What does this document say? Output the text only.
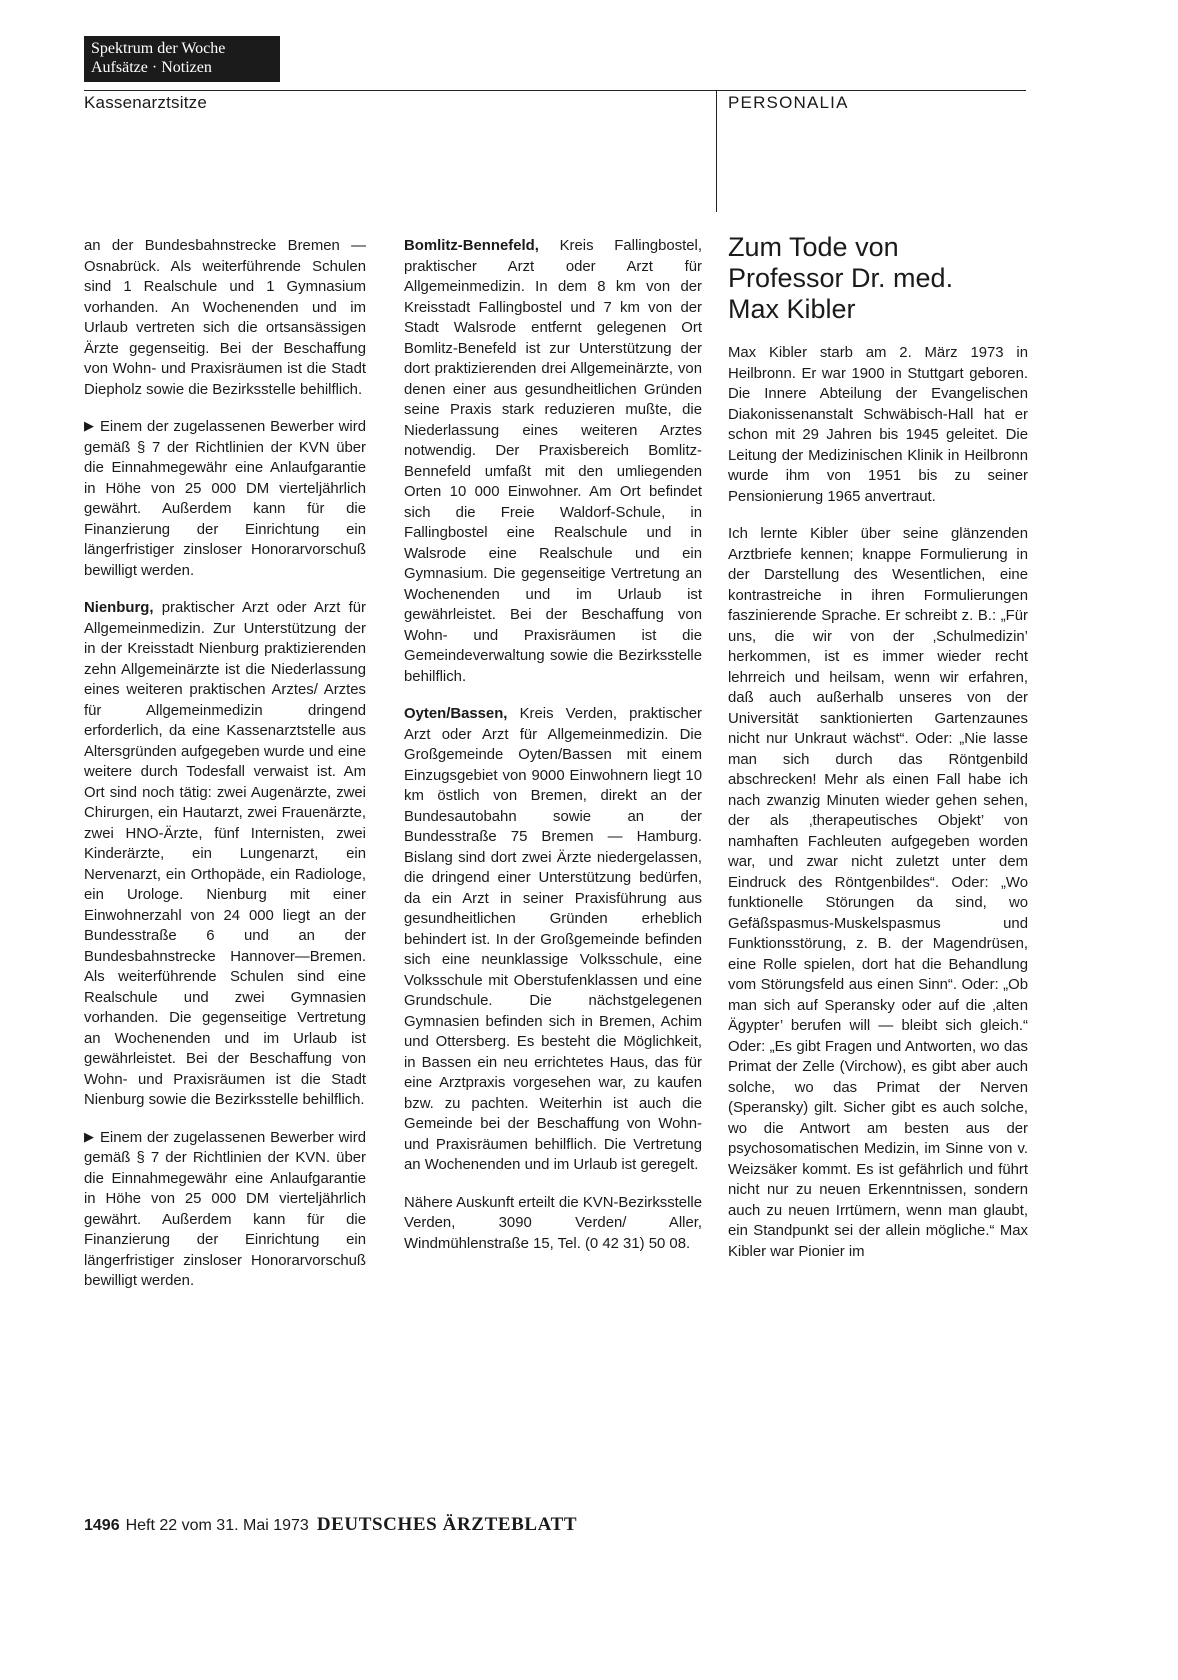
Spektrum der Woche
Aufsätze · Notizen
Kassenarztsitze	PERSONALIA

an der Bundesbahnstrecke Bremen —Osnabrück. Als weiterführende Schulen sind 1 Realschule und 1 Gymnasium vorhanden. An Wochenenden und im Urlaub vertreten sich die ortsansässigen Ärzte gegenseitig. Bei der Beschaffung von Wohn- und Praxisräumen ist die Stadt Diepholz sowie die Bezirksstelle behilflich.

▶ Einem der zugelassenen Bewerber wird gemäß § 7 der Richtlinien der KVN über die Einnahmegewähr eine Anlaufgarantie in Höhe von 25 000 DM vierteljährlich gewährt. Außerdem kann für die Finanzierung der Einrichtung ein längerfristiger zinsloser Honorarvorschuß bewilligt werden.

Nienburg, praktischer Arzt oder Arzt für Allgemeinmedizin. Zur Unterstützung der in der Kreisstadt Nienburg praktizierenden zehn Allgemeinärzte ist die Niederlassung eines weiteren praktischen Arztes/ Arztes für Allgemeinmedizin dringend erforderlich, da eine Kassenarztstelle aus Altersgründen aufgegeben wurde und eine weitere durch Todesfall verwaist ist. Am Ort sind noch tätig: zwei Augenärzte, zwei Chirurgen, ein Hautarzt, zwei Frauenärzte, zwei HNO-Ärzte, fünf Internisten, zwei Kinderärzte, ein Lungenarzt, ein Nervenarzt, ein Orthopäde, ein Radiologe, ein Urologe. Nienburg mit einer Einwohnerzahl von 24 000 liegt an der Bundesstraße 6 und an der Bundesbahnstrecke Hannover—Bremen. Als weiterführende Schulen sind eine Realschule und zwei Gymnasien vorhanden. Die gegenseitige Vertretung an Wochenenden und im Urlaub ist gewährleistet. Bei der Beschaffung von Wohn- und Praxisräumen ist die Stadt Nienburg sowie die Bezirksstelle behilflich.

▶ Einem der zugelassenen Bewerber wird gemäß § 7 der Richtlinien der KVN. über die Einnahmegewähr eine Anlaufgarantie in Höhe von 25 000 DM vierteljährlich gewährt. Außerdem kann für die Finanzierung der Einrichtung ein längerfristiger zinsloser Honorarvorschuß bewilligt werden.

Bomlitz-Bennefeld, Kreis Fallingbostel, praktischer Arzt oder Arzt für Allgemeinmedizin. In dem 8 km von der Kreisstadt Fallingbostel und 7 km von der Stadt Walsrode entfernt gelegenen Ort Bomlitz-Benefeld ist zur Unterstützung der dort praktizierenden drei Allgemeinärzte, von denen einer aus gesundheitlichen Gründen seine Praxis stark reduzieren mußte, die Niederlassung eines weiteren Arztes notwendig. Der Praxisbereich Bomlitz-Bennefeld umfaßt mit den umliegenden Orten 10 000 Einwohner. Am Ort befindet sich die Freie Waldorf-Schule, in Fallingbostel eine Realschule und in Walsrode eine Realschule und ein Gymnasium. Die gegenseitige Vertretung an Wochenenden und im Urlaub ist gewährleistet. Bei der Beschaffung von Wohn- und Praxisräumen ist die Gemeindeverwaltung sowie die Bezirksstelle behilflich.

Oyten/Bassen, Kreis Verden, praktischer Arzt oder Arzt für Allgemeinmedizin. Die Großgemeinde Oyten/Bassen mit einem Einzugsgebiet von 9000 Einwohnern liegt 10 km östlich von Bremen, direkt an der Bundesautobahn sowie an der Bundesstraße 75 Bremen — Hamburg. Bislang sind dort zwei Ärzte niedergelassen, die dringend einer Unterstützung bedürfen, da ein Arzt in seiner Praxisführung aus gesundheitlichen Gründen erheblich behindert ist. In der Großgemeinde befinden sich eine neunklassige Volksschule, eine Volksschule mit Oberstufenklassen und eine Grundschule. Die nächstgelegenen Gymnasien befinden sich in Bremen, Achim und Ottersberg. Es besteht die Möglichkeit, in Bassen ein neu errichtetes Haus, das für eine Arztpraxis vorgesehen war, zu kaufen bzw. zu pachten. Weiterhin ist auch die Gemeinde bei der Beschaffung von Wohn- und Praxisräumen behilflich. Die Vertretung an Wochenenden und im Urlaub ist geregelt.

Nähere Auskunft erteilt die KVN-Bezirksstelle Verden, 3090 Verden/ Aller, Windmühlenstraße 15, Tel. (0 42 31) 50 08.

Zum Tode von
Professor Dr. med.
Max Kibler

Max Kibler starb am 2. März 1973 in Heilbronn. Er war 1900 in Stuttgart geboren. Die Innere Abteilung der Evangelischen Diakonissenanstalt Schwäbisch-Hall hat er schon mit 29 Jahren bis 1945 geleitet. Die Leitung der Medizinischen Klinik in Heilbronn wurde ihm von 1951 bis zu seiner Pensionierung 1965 anvertraut.

Ich lernte Kibler über seine glänzenden Arztbriefe kennen; knappe Formulierung in der Darstellung des Wesentlichen, eine kontrastreiche in ihren Formulierungen faszinierende Sprache. Er schreibt z. B.: „Für uns, die wir von der ‚Schulmedizin’ herkommen, ist es immer wieder recht lehrreich und heilsam, wenn wir erfahren, daß auch außerhalb unseres von der Universität sanktionierten Gartenzaunes nicht nur Unkraut wächst“. Oder: „Nie lasse man sich durch das Röntgenbild abschrecken! Mehr als einen Fall habe ich nach zwanzig Minuten wieder gehen sehen, der als ‚therapeutisches Objekt’ von namhaften Fachleuten aufgegeben worden war, und zwar nicht zuletzt unter dem Eindruck des Röntgenbildes“. Oder: „Wo funktionelle Störungen da sind, wo Gefäßspasmus-Muskelspasmus und Funktionsstörung, z. B. der Magendrüsen, eine Rolle spielen, dort hat die Behandlung vom Störungsfeld aus einen Sinn“. Oder: „Ob man sich auf Speransky oder auf die ‚alten Ägypter’ berufen will — bleibt sich gleich.“ Oder: „Es gibt Fragen und Antworten, wo das Primat der Zelle (Virchow), es gibt aber auch solche, wo das Primat der Nerven (Speransky) gilt. Sicher gibt es auch solche, wo die Antwort am besten aus der psychosomatischen Medizin, im Sinne von v. Weizsäker kommt. Es ist gefährlich und führt nicht nur zu neuen Erkenntnissen, sondern auch zu neuen Irrtümern, wenn man glaubt, ein Standpunkt sei der allein mögliche.“ Max Kibler war Pionier im

1496 Heft 22 vom 31. Mai 1973 DEUTSCHES ÄRZTEBLATT
